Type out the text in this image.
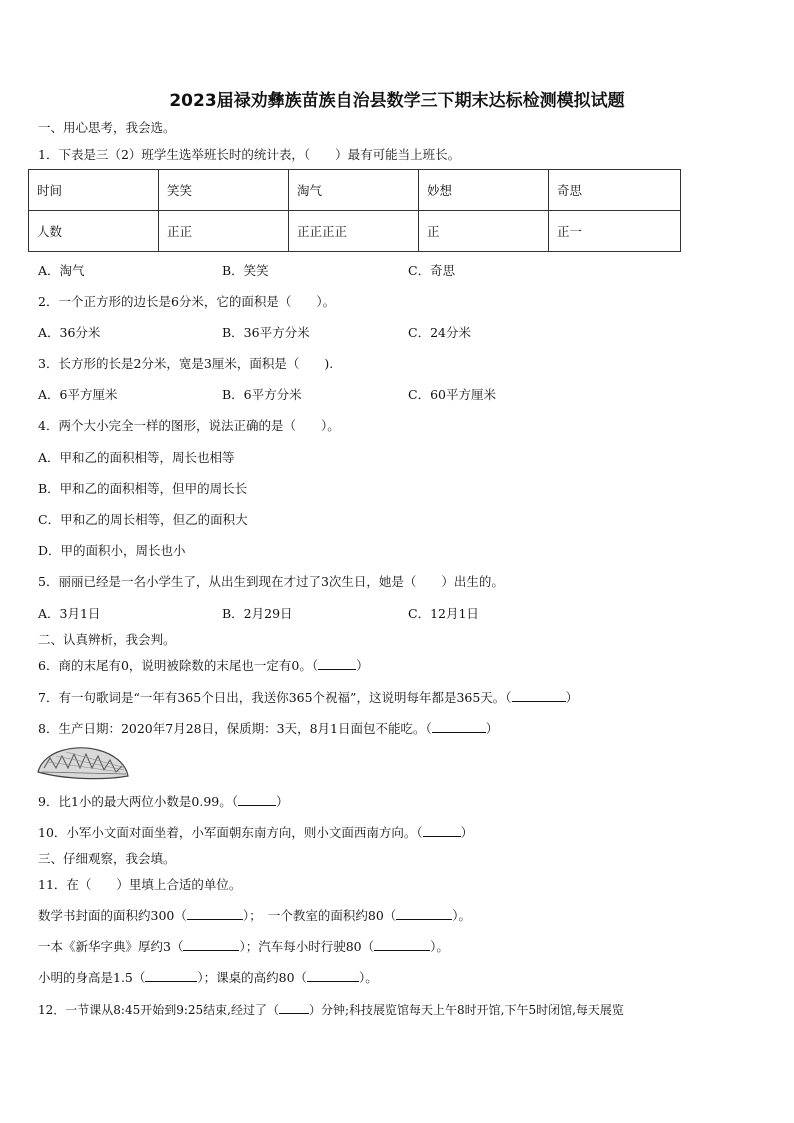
2023届禄劝彝族苗族自治县数学三下期末达标检测模拟试题
一、用心思考，我会选。
1．下表是三（2）班学生选举班长时的统计表，（　　）最有可能当上班长。
时间	笑笑	淘气	妙想	奇思
人数	正正	正正正正	正	正一
A．淘气	B．笑笑	C．奇思
2．一个正方形的边长是6分米，它的面积是（　　）。
A．36分米	B．36平方分米	C．24分米
3．长方形的长是2分米，宽是3厘米，面积是（　　).
A．6平方厘米	B．6平方分米	C．60平方厘米
4．两个大小完全一样的图形，说法正确的是（　　）。
A．甲和乙的面积相等，周长也相等
B．甲和乙的面积相等，但甲的周长长
C．甲和乙的周长相等，但乙的面积大
D．甲的面积小，周长也小
5．丽丽已经是一名小学生了，从出生到现在才过了3次生日，她是（　　）出生的。
A．3月1日	B．2月29日	C．12月1日
二、认真辨析，我会判。
6．商的末尾有0，说明被除数的末尾也一定有0。（	）
7．有一句歌词是“一年有365个日出，我送你365个祝福”，这说明每年都是365天。（	）
8．生产日期：2020年7月28日，保质期：3天，8月1日面包不能吃。（	）
9．比1小的最大两位小数是0.99。（	）
10．小军小文面对面坐着，小军面朝东南方向，则小文面西南方向。（	）
三、仔细观察，我会填。
11．在（　　）里填上合适的单位。
数学书封面的面积约300（	）；　一个教室的面积约80（	）。
一本《新华字典》厚约3（	）；汽车每小时行驶80（	）。
小明的身高是1.5（	）；课桌的高约80（	）。
12．一节课从8:45开始到9:25结束,经过了（	）分钟;科技展览馆每天上午8时开馆,下午5时闭馆,每天展览
